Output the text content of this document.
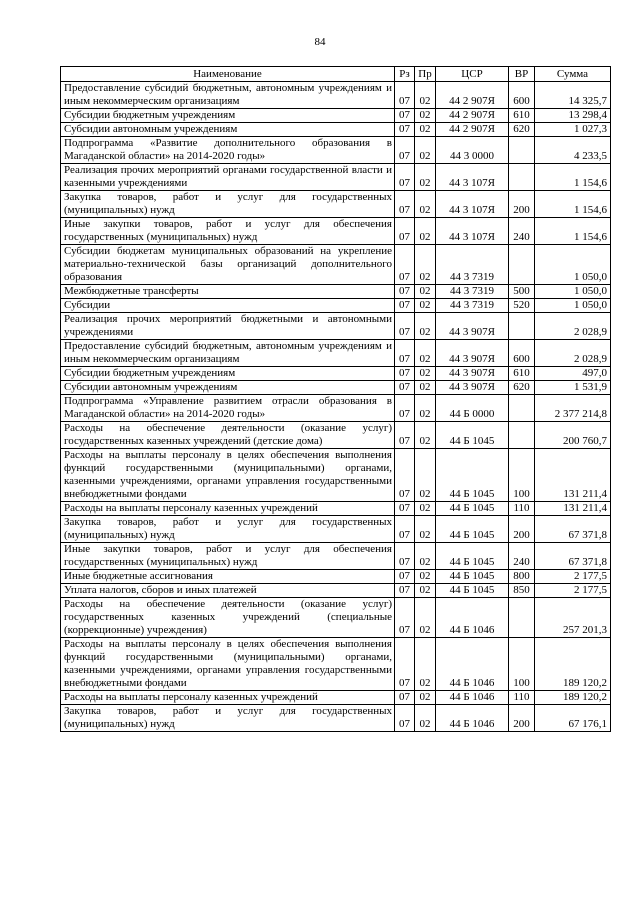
84
Наименование	Рз	Пр	ЦСР	ВР	Сумма
Предоставление субсидий бюджетным, автономным учреждениям и иным некоммерческим организациям	07	02	44 2 907Я	600	14 325,7
Субсидии бюджетным учреждениям	07	02	44 2 907Я	610	13 298,4
Субсидии автономным учреждениям	07	02	44 2 907Я	620	1 027,3
Подпрограмма «Развитие дополнительного образования в Магаданской области» на 2014-2020 годы»	07	02	44 3 0000		4 233,5
Реализация прочих мероприятий органами государственной власти и казенными учреждениями	07	02	44 3 107Я		1 154,6
Закупка товаров, работ и услуг для государственных (муниципальных) нужд	07	02	44 3 107Я	200	1 154,6
Иные закупки товаров, работ и услуг для обеспечения государственных (муниципальных) нужд	07	02	44 3 107Я	240	1 154,6
Субсидии бюджетам муниципальных образований на укрепление материально-технической базы организаций дополнительного образования	07	02	44 3 7319		1 050,0
Межбюджетные трансферты	07	02	44 3 7319	500	1 050,0
Субсидии	07	02	44 3 7319	520	1 050,0
Реализация прочих мероприятий бюджетными и автономными учреждениями	07	02	44 3 907Я		2 028,9
Предоставление субсидий бюджетным, автономным учреждениям и иным некоммерческим организациям	07	02	44 3 907Я	600	2 028,9
Субсидии бюджетным учреждениям	07	02	44 3 907Я	610	497,0
Субсидии автономным учреждениям	07	02	44 3 907Я	620	1 531,9
Подпрограмма «Управление развитием отрасли образования в Магаданской области» на 2014-2020 годы»	07	02	44 Б 0000		2 377 214,8
Расходы на обеспечение деятельности (оказание услуг) государственных казенных учреждений (детские дома)	07	02	44 Б 1045		200 760,7
Расходы на выплаты персоналу в целях обеспечения выполнения функций государственными (муниципальными) органами, казенными учреждениями, органами управления государственными внебюджетными фондами	07	02	44 Б 1045	100	131 211,4
Расходы на выплаты персоналу казенных учреждений	07	02	44 Б 1045	110	131 211,4
Закупка товаров, работ и услуг для государственных (муниципальных) нужд	07	02	44 Б 1045	200	67 371,8
Иные закупки товаров, работ и услуг для обеспечения государственных (муниципальных) нужд	07	02	44 Б 1045	240	67 371,8
Иные бюджетные ассигнования	07	02	44 Б 1045	800	2 177,5
Уплата налогов, сборов и иных платежей	07	02	44 Б 1045	850	2 177,5
Расходы на обеспечение деятельности (оказание услуг) государственных казенных учреждений (специальные (коррекционные) учреждения)	07	02	44 Б 1046		257 201,3
Расходы на выплаты персоналу в целях обеспечения выполнения функций государственными (муниципальными) органами, казенными учреждениями, органами управления государственными внебюджетными фондами	07	02	44 Б 1046	100	189 120,2
Расходы на выплаты персоналу казенных учреждений	07	02	44 Б 1046	110	189 120,2
Закупка товаров, работ и услуг для государственных (муниципальных) нужд	07	02	44 Б 1046	200	67 176,1
